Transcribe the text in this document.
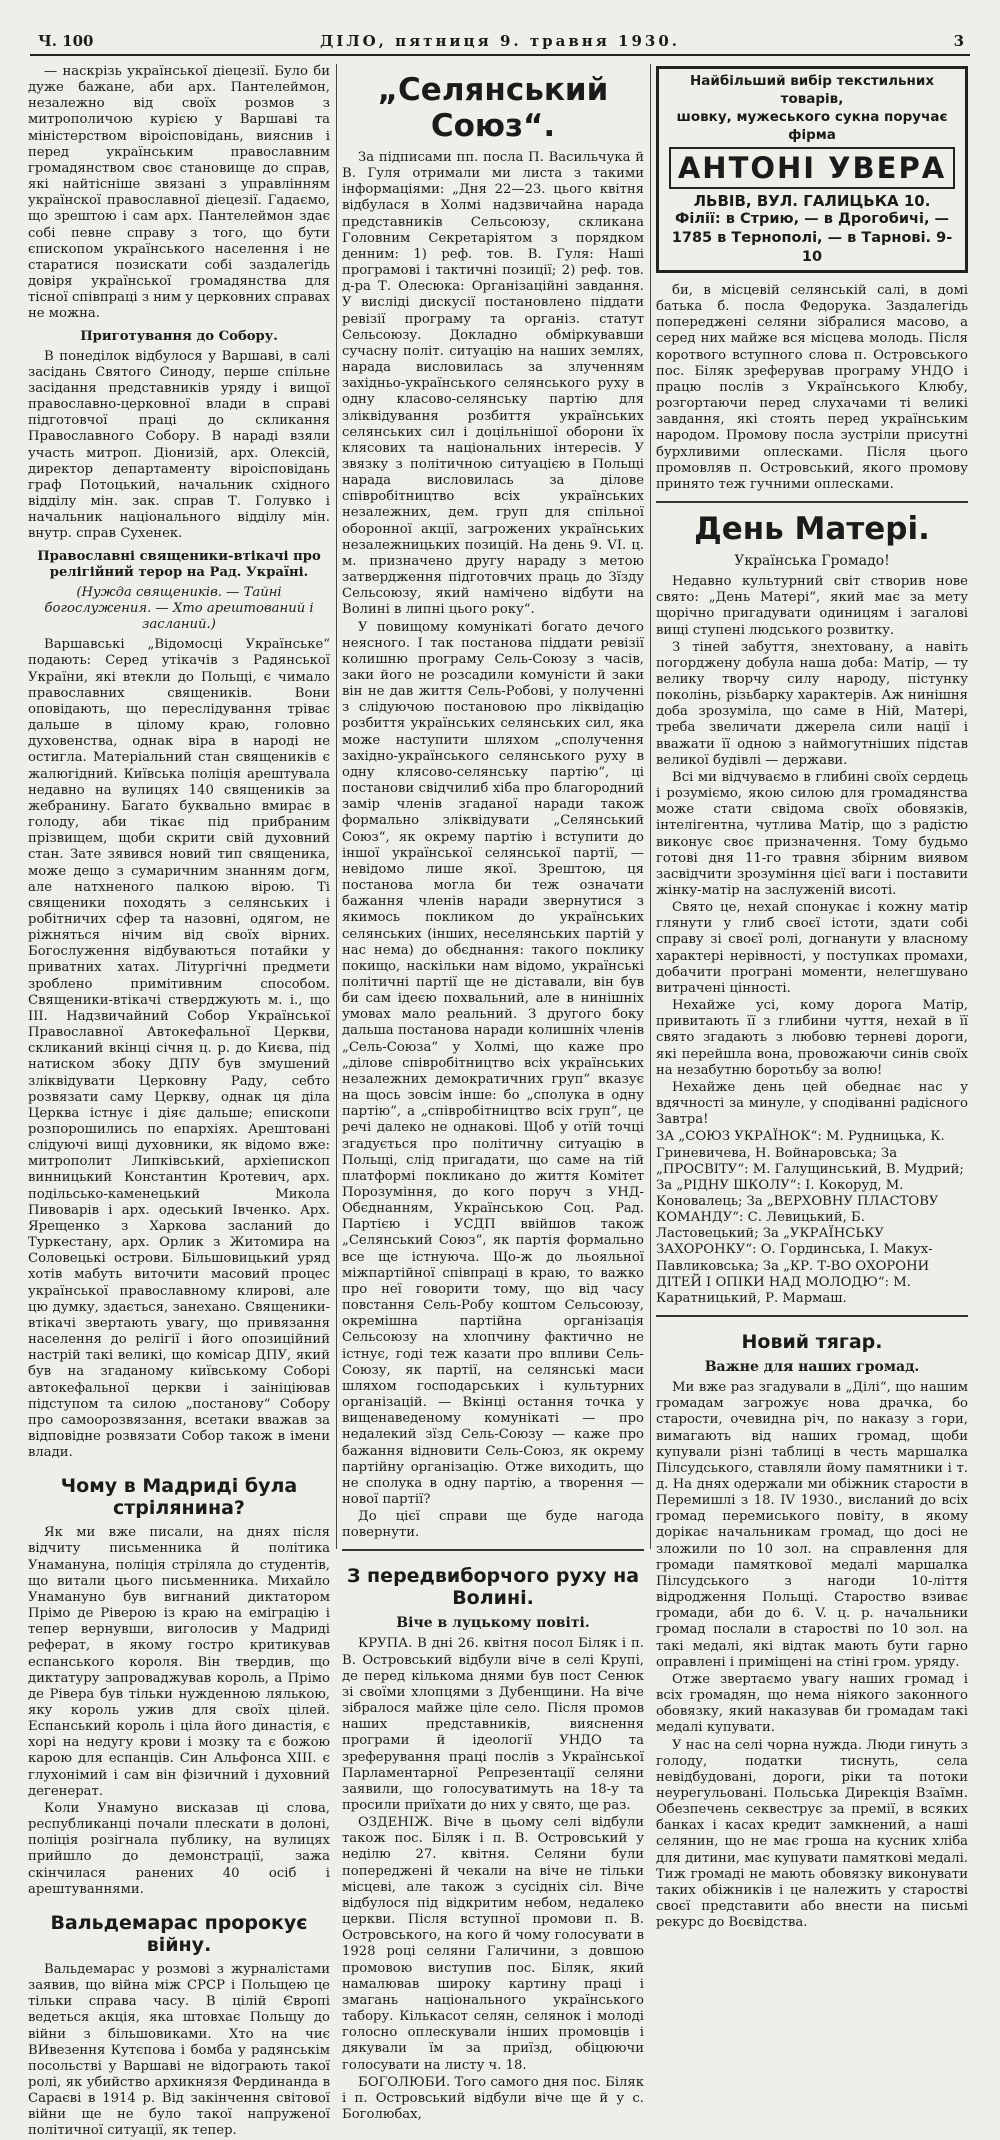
Ч. 100	ДІЛО, пятниця 9. травня 1930.	3

— наскрізь української діецезії. Було би дуже бажане, аби арх. Пантелеймон, незалежно від своїх розмов з митрополичою курією у Варшаві та міністерством віроісповідань, вияснив і перед українським православним громадянством своє становище до справ, які найтісніше звязані з управлінням українскої православної діецезії. Гадаємо, що зрештою і сам арх. Пантелеймон здає собі певне справу з того, що бути єпископом українського населення і не старатися позискати собі заздалегідь довіря української громадянства для тісної співпраці з ним у церковних справах не можна.

Приготування до Собору.

В понеділок відбулося у Варшаві, в салі засідань Святого Синоду, перше спільне засідання представників уряду і вищої православно-церковної влади в справі підготовчої праці до скликання Православного Собору. В нараді взяли участь митроп. Діонизій, арх. Олексій, директор департаменту віроісповідань граф Потоцький, начальник східного відділу мін. зак. справ Т. Голувко і начальник національного відділу мін. внутр. справ Сухенек.

Православні священики-втікачі про релігійний терор на Рад. Україні.
(Нужда священиків. — Тайні богослужения. — Хто арештований і засланий.)

Варшавські „Відомосці Українське“ подають: Серед утікачів з Радянської України, які втекли до Польщі, є чимало православних священиків. Вони оповідають, що переслідування тріває дальше в цілому краю, головно духовенства, однак віра в народі не остигла. Матеріальний стан священиків є жалюгідний. Київська поліція арештувала недавно на вулицях 140 священиків за жебранину. Багато буквально вмирає в голоду, аби тікає під прибраним прізвищем, щоби скрити свій духовний стан. Зате зявився новий тип священика, може дещо з сумаричним знанням догм, але натхненого палкою вірою. Ті священики походять з селянських і робітничих сфер та назовні, одягом, не ріжняться нічим від своїх вірних. Богослуження відбуваються потайки у приватних хатах. Літургічні предмети зроблено примітивним способом. Священики-втікачі стверджують м. і., що ІІІ. Надзвичайний Собор Української Православної Автокефальної Церкви, скликаний вкінці січня ц. р. до Києва, під натиском збоку ДПУ був змушений зліквідувати Церковну Раду, себто розвязати саму Церкву, однак ця діла Церква істнує і діяє дальше; епископи розпорошились по епархіях. Арештовані слідуючі вищі духовники, як відомо вже: митрополит Липківський, архіепископ винницький Константин Кротевич, арх. подільсько-каменецький Микола Пивоварів і арх. одеський Івченко. Арх. Ярещенко з Харкова засланий до Туркестану, арх. Орлик з Житомира на Соловецькі острови. Більшовицький уряд хотів мабуть виточити масовий процес української православному клирові, але цю думку, здається, занехано. Священики-втікачі звертають увагу, що привязання населення до релігії і його опозиційний настрій такі великі, що комісар ДПУ, який був на згаданому київському Соборі автокефальної церкви і заініціював підступом та силою „постанову“ Собору про самоорозвязання, всетаки вважав за відповідне розвязати Собор також в імени влади.

Чому в Мадриді була стрілянина?

Як ми вже писали, на днях після відчиту письменника й політика Унамануна, поліція стріляла до студентів, що витали цього письменника. Михайло Унамануно був вигнаний диктатором Прімо де Ріверою із краю на еміграцію і тепер вернувши, виголосив у Мадриді реферат, в якому гостро критикував еспанського короля. Він твердив, що диктатуру запроваджував король, а Прімо де Рівера був тільки нужденною лялькою, яку король ужив для своїх цілей. Еспанський король і ціла його династія, є хорі на недугу крови і мозку та є божою карою для еспанців. Син Альфонса ХІІІ. є глухонімий і сам він фізичний і духовний дегенерат.

Коли Унамуно висказав ці слова, республиканці почали плескати в долоні, поліція розігнала публику, на вулицях прийшло до демонстрації, зажа скінчилася ранених 40 осіб і арештуваннями.

Вальдемарас пророкує війну.

Вальдемарас у розмові з журналістами заявив, що війна між СРСР і Польщею це тільки справа часу. В цілій Європі ведеться акція, яка штовхає Польщу до війни з більшовиками. Хто на чиє ВИвезення Кутєпова і бомба у радянськім посольстві у Варшаві не відограють такої ролі, як убийство архикнязя Фердинанда в Сараєві в 1914 р. Від закінчення світової війни ще не було такої напруженої політичної ситуації, як тепер.

„Селянський Союз“.

За підписами пп. посла П. Васильчука й В. Гуля отримали ми листа з такими інформаціями: „Дня 22—23. цього квітня відбулася в Холмі надзвичайна нарада представників Сельсоюзу, скликана Головним Секретаріятом з порядком денним: 1) реф. тов. В. Гуля: Наші програмові і тактичні позиції; 2) реф. тов. д-ра Т. Олесюка: Організаційні завдання. У висліді дискусії постановлено піддати ревізії програму та організ. статут Сельсоюзу. Докладно обміркувавши сучасну політ. ситуацію на наших землях, нарада висловилась за злученням західньо-українського селянського руху в одну класово-селянську партію для зліквідування розбиття українських селянських сил і доцільнішої оборони їх клясових та національних інтересів. У звязку з політичною ситуацією в Польщі нарада висловилась за ділове співробітництво всіх українських незалежних, дем. груп для спільної оборонної акції, загрожених українських незалежницьких позицій. На день 9. VІ. ц. м. призначено другу нараду з метою затвердження підготовчих праць до Зїзду Сельсоюзу, який намічено відбути на Волині в липні цього року“.

У повищому комунікаті богато дечого неясного. І так постанова піддати ревізії колишню програму Сель-Союзу з часів, заки його не розсадили комуністи й заки він не дав життя Сель-Робові, у полученні з слідуючою постановою про ліквідацію розбиття українських селянських сил, яка може наступити шляхом „сполучення західно-українського селянського руху в одну клясово-селянську партію“, ці постанови свідчилиб хіба про благородний замір членів згаданої наради також формально зліквідувати „Селянський Союз“, як окрему партію і вступити до іншої української селянської партії, — невідомо лише якої. Зрештою, ця постанова могла би теж означати бажання членів наради звернутися з якимось покликом до українських селянських (інших, неселянських партій у нас нема) до обєднання: такого поклику покищо, наскільки нам відомо, українські політичні партії ще не діставали, він був би сам ідеєю похвальний, але в нинішніх умовах мало реальний. З другого боку дальша постанова наради колишніх членів „Сель-Союза“ у Холмі, що каже про „ділове співробітництво всіх українських незалежних демократичних груп“ вказує на щось зовсім інше: бо „сполука в одну партію“, а „співробітництво всіх груп“, це речі далеко не однакові. Щоб у отїй точці згадується про політичну ситуацію в Польщі, слід пригадати, що саме на тій платформі покликано до життя Комітет Порозуміння, до кого поруч з УНД-Обєднанням, Українською Соц. Рад. Партією і УСДП ввійшов також „Селянський Союз“, як партія формально все ще істнуюча. Що-ж до льояльної міжпартійної співпраці в краю, то важко про неї говорити тому, що від часу повстання Сель-Робу коштом Сельсоюзу, окремішна партійна організація Сельсоюзу на хлопчину фактично не істнує, годі теж казати про впливи Сель-Союзу, як партії, на селянські маси шляхом господарських і культурних організацій. — Вкінці остання точка у вищенаведеному комунікаті — про недалекий зїзд Сель-Союзу — каже про бажання відновити Сель-Союз, як окрему партійну організацію. Отже виходить, що не сполука в одну партію, а творення — нової партії?

До цієї справи ще буде нагода повернути.

З передвиборчого руху на Волині.
Віче в луцькому повіті.

КРУПА. В дні 26. квітня посол Біляк і п. В. Островський відбули віче в селі Крупі, де перед кількома днями був пост Сенюк зі своїми хлопцями з Дубенщини. На віче зібралося майже ціле село. Після промов наших представників, вияснення програми й ідеології УНДО та зреферування праці послів з Української Парламентарної Репрезентації селяни заявили, що голосуватимуть на 18-у та просили приїхати до них у свято, ще раз.

ОЗДЕНІЖ. Віче в цьому селі відбули також пос. Біляк і п. В. Островський у неділю 27. квітня. Селяни були попереджені й чекали на віче не тільки місцеві, але також з сусідніх сіл. Віче відбулося під відкритим небом, недалеко церкви. Після вступної промови п. В. Островського, на кого й чому голосувати в 1928 році селяни Галичини, з довшою промовою виступив пос. Біляк, який намалював широку картину праці і змагань національного українського табору. Кількасот селян, селянок і молоді голосно оплескували інших промовців і дякували їм за приїзд, обіцюючи голосувати на листу ч. 18.

БОГОЛЮБИ. Того самого дня пос. Біляк і п. Островський відбули віче ще й у с. Боголюбах,

Найбільший вибір текстильних товарів,
шовку, мужеського сукна поручає фірма
АНТОНІ УВЕРА
ЛЬВІВ, ВУЛ. ГАЛИЦЬКА 10.
Філії: в Стрию, — в Дрогобичі, —
1785 в Тернополі, — в Тарнові. 9-10

би, в місцевій селянській салі, в домі батька б. посла Федорука. Заздалегідь попереджені селяни зібралися масово, а серед них майже вся місцева молодь. Після коротвого вступного слова п. Островського пос. Біляк зреферував програму УНДО і працю послів з Українського Клюбу, розгортаючи перед слухачами ті великі завдання, які стоять перед українським народом. Промову посла зустріли присутні бурхливими оплесками. Після цього промовляв п. Островський, якого промову принято теж гучними оплесками.

День Матері.
Українська Громадо!

Недавно культурний світ створив нове свято: „День Матері“, який має за мету щорічно пригадувати одиницям і загалові вищі ступені людського розвитку.

З тіней забуття, знехтовану, а навіть погорджену добула наша доба: Матір, — ту велику творчу силу народу, пістунку поколінь, різьбарку характерів. Аж нинішня доба зрозуміла, що саме в Ній, Матері, треба звеличати джерела сили нації і вважати її одною з наймогутніших підстав великої будівлі — держави.

Всі ми відчуваємо в глибині своїх сердець і розуміємо, якою силою для громадянства може стати свідома своїх обовязків, інтелігентна, чутлива Матір, що з радістю виконує своє призначення. Тому будьмо готові дня 11-го травня збірним виявом засвідчити зрозуміння цієї ваги і поставити жінку-матір на заслуженій висоті.

Свято це, нехай спонукає і кожну матір глянути у глиб своєї істоти, здати собі справу зі своєї ролі, догнанути у власному характері нерівності, у поступках промахи, добачити програні моменти, нелегшувано витрачені цінності.

Нехайже усі, кому дорога Матір, привитають її з глибини чуття, нехай в її свято згадають з любовю терневі дороги, які перейшла вона, провожаючи синів своїх на незабутню боротьбу за волю!

Нехайже день цей обеднає нас у вдячності за минуле, у сподіванні радісного Завтра!

ЗА „СОЮЗ УКРАЇНОК“: М. Рудницька, К. Гриневичева, Н. Войнаровська; За „ПРОСВІТУ“: М. Галущинський, В. Мудрий; За „РІДНУ ШКОЛУ“: І. Кокоруд, М. Коновалець; За „ВЕРХОВНУ ПЛАСТОВУ КОМАНДУ“: С. Левицький, Б. Ластовецький; За „УКРАЇНСЬКУ ЗАХОРОНКУ“: О. Гординська, І. Макух-Павликовська; За „КР. Т-ВО ОХОРОНИ ДІТЕЙ І ОПІКИ НАД МОЛОДЮ“: М. Каратницький, Р. Мармаш.

Новий тягар.
Важне для наших громад.

Ми вже раз згадували в „Ділі“, що нашим громадам загрожує нова драчка, бо старости, очевидна річ, по наказу з гори, вимагають від наших громад, щоби купували різні таблиці в честь маршалка Пілсудського, ставляли йому памятники і т. д. На днях одержали ми обіжник старости в Перемишлі з 18. IV 1930., висланий до всіх громад перемиського повіту, в якому дорікає начальникам громад, що досі не зложили по 10 зол. на справлення для громади памяткової медалі маршалка Пілсудського з нагоди 10-ліття відродження Польщі. Староство взиває громади, аби до 6. V. ц. р. начальники громад послали в старостві по 10 зол. на такі медалі, які відтак мають бути гарно оправлені і приміщені на стіні гром. уряду.

Отже звертаємо увагу наших громад і всіх громадян, що нема ніякого законного обовязку, який наказував би громадам такі медалі купувати.

У нас на селі чорна нужда. Люди гинуть з голоду, податки тиснуть, села невідбудовані, дороги, ріки та потоки неурегульовані. Польська Дирекція Взаїмн. Обезпечень секвеструє за премії, в всяких банках і касах кредит замкнений, а наші селянин, що не має гроша на кусник хліба для дитини, має купувати памяткові медалі. Тиж громаді не мають обовязку виконувати таких обіжників і це належить у старостві своєї представити або внести на письмі рекурс до Воєвідства.
